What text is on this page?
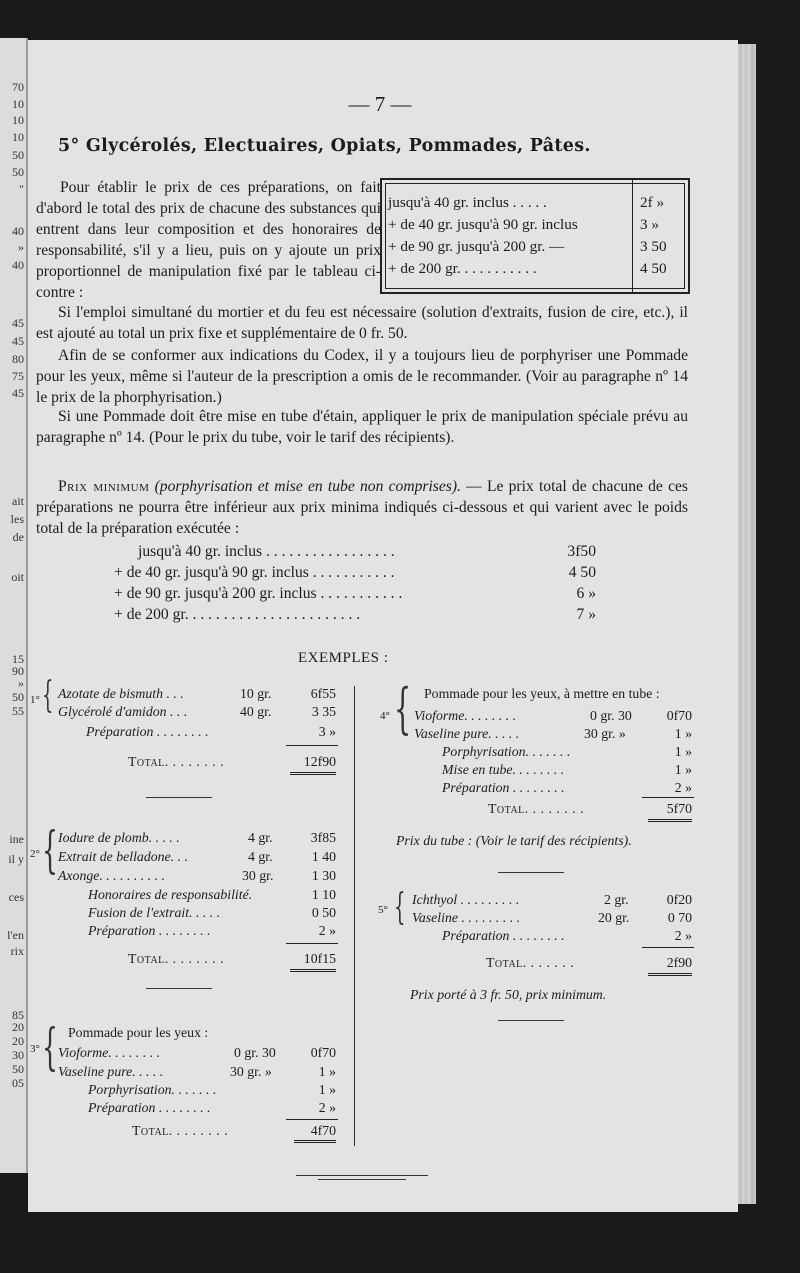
70
10
10
10
50
50
"
40
»
40
45
45
80
75
45
ait
les
de
oit
15
90
»
50
55
ine
il y
ces
l'en
rix
85
20
20
30
50
05
— 7 —
5° Glycérolés, Electuaires, Opiats, Pommades, Pâtes.

Pour établir le prix de ces préparations, on fait d'abord le total des prix de chacune des substances qui entrent dans leur composition et des honoraires de responsabilité, s'il y a lieu, puis on y ajoute un prix proportionnel de manipulation fixé par le tableau ci-contre :

jusqu'à 40 gr. inclus . . . . .	2f »
+ de 40 gr. jusqu'à 90 gr. inclus	3 »
+ de 90 gr. jusqu'à 200 gr. —	3 50
+ de 200 gr. . . . . . . . . . .	4 50

Si l'emploi simultané du mortier et du feu est nécessaire (solution d'extraits, fusion de cire, etc.), il est ajouté au total un prix fixe et supplémentaire de 0 fr. 50.

Afin de se conformer aux indications du Codex, il y a toujours lieu de porphyriser une Pommade pour les yeux, même si l'auteur de la prescription a omis de le recommander. (Voir au paragraphe nº 14 le prix de la phorphyrisation.)

Si une Pommade doit être mise en tube d'étain, appliquer le prix de manipulation spéciale prévu au paragraphe nº 14. (Pour le prix du tube, voir le tarif des récipients).

Prix minimum (porphyrisation et mise en tube non comprises). — Le prix total de chacune de ces préparations ne pourra être inférieur aux prix minima indiqués ci-dessous et qui varient avec le poids total de la préparation exécutée :

jusqu'à 40 gr. inclus . . . . . . . . . . . . . . . . .	3f50
+ de 40 gr. jusqu'à 90 gr. inclus . . . . . . . . . . .	4 50
+ de 90 gr. jusqu'à 200 gr. inclus . . . . . . . . . . .	6 »
+ de 200 gr. . . . . . . . . . . . . . . . . . . . . . .	7 »
EXEMPLES :
1° { Azotate de bismuth . . .	10 gr.	6f55
Glycérolé d'amidon . . .	40 gr.	3 35
Préparation . . . . . . . .	3 »
Total. . . . . . . .	12f90
2° { Iodure de plomb. . . . .	4 gr.	3f85
Extrait de belladone. . .	4 gr.	1 40
Axonge. . . . . . . . . .	30 gr.	1 30
Honoraires de responsabilité.	1 10
Fusion de l'extrait. . . . .	0 50
Préparation . . . . . . . .	2 »
Total. . . . . . . .	10f15
Pommade pour les yeux :
3° { Vioforme. . . . . . . .	0 gr. 30	0f70
Vaseline pure. . . . .	30 gr. »	1 »
Porphyrisation. . . . . . .	1 »
Préparation . . . . . . . .	2 »
Total. . . . . . . .	4f70
Pommade pour les yeux, à mettre en tube :
4° { Vioforme. . . . . . . .	0 gr. 30	0f70
Vaseline pure. . . . .	30 gr. »	1 »
Porphyrisation. . . . . . .	1 »
Mise en tube. . . . . . . .	1 »
Préparation . . . . . . . .	2 »
Total. . . . . . . .	5f70
Prix du tube : (Voir le tarif des récipients).
5° { Ichthyol . . . . . . . . .	2 gr.	0f20
Vaseline . . . . . . . . .	20 gr.	0 70
Préparation . . . . . . . .	2 »
Total. . . . . . .	2f90
Prix porté à 3 fr. 50, prix minimum.
